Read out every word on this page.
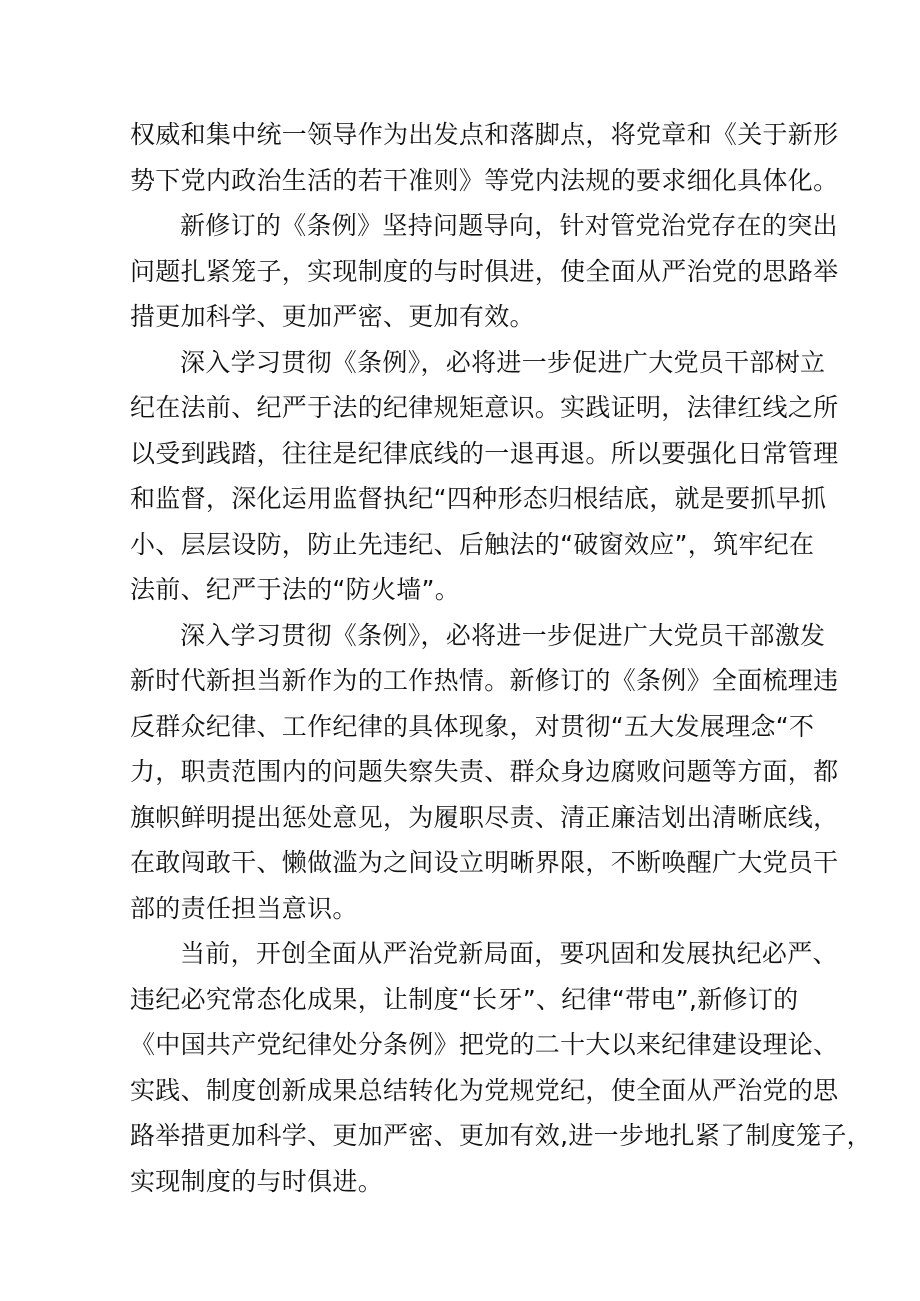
权威和集中统一领导作为出发点和落脚点，将党章和《关于新形
势下党内政治生活的若干准则》等党内法规的要求细化具体化。

新修订的《条例》坚持问题导向，针对管党治党存在的突出
问题扎紧笼子，实现制度的与时俱进，使全面从严治党的思路举
措更加科学、更加严密、更加有效。

深入学习贯彻《条例》，必将进一步促进广大党员干部树立
纪在法前、纪严于法的纪律规矩意识。实践证明，法律红线之所
以受到践踏，往往是纪律底线的一退再退。所以要强化日常管理
和监督，深化运用监督执纪“四种形态归根结底，就是要抓早抓
小、层层设防，防止先违纪、后触法的“破窗效应”，筑牢纪在
法前、纪严于法的“防火墙”。

深入学习贯彻《条例》，必将进一步促进广大党员干部激发
新时代新担当新作为的工作热情。新修订的《条例》全面梳理违
反群众纪律、工作纪律的具体现象，对贯彻“五大发展理念“不
力，职责范围内的问题失察失责、群众身边腐败问题等方面，都
旗帜鲜明提出惩处意见，为履职尽责、清正廉洁划出清晰底线，
在敢闯敢干、懒做滥为之间设立明晰界限，不断唤醒广大党员干
部的责任担当意识。

当前，开创全面从严治党新局面，要巩固和发展执纪必严、
违纪必究常态化成果，让制度“长牙”、纪律“带电”,新修订的
《中国共产党纪律处分条例》把党的二十大以来纪律建设理论、
实践、制度创新成果总结转化为党规党纪，使全面从严治党的思
路举措更加科学、更加严密、更加有效,进一步地扎紧了制度笼子，
实现制度的与时俱进。
